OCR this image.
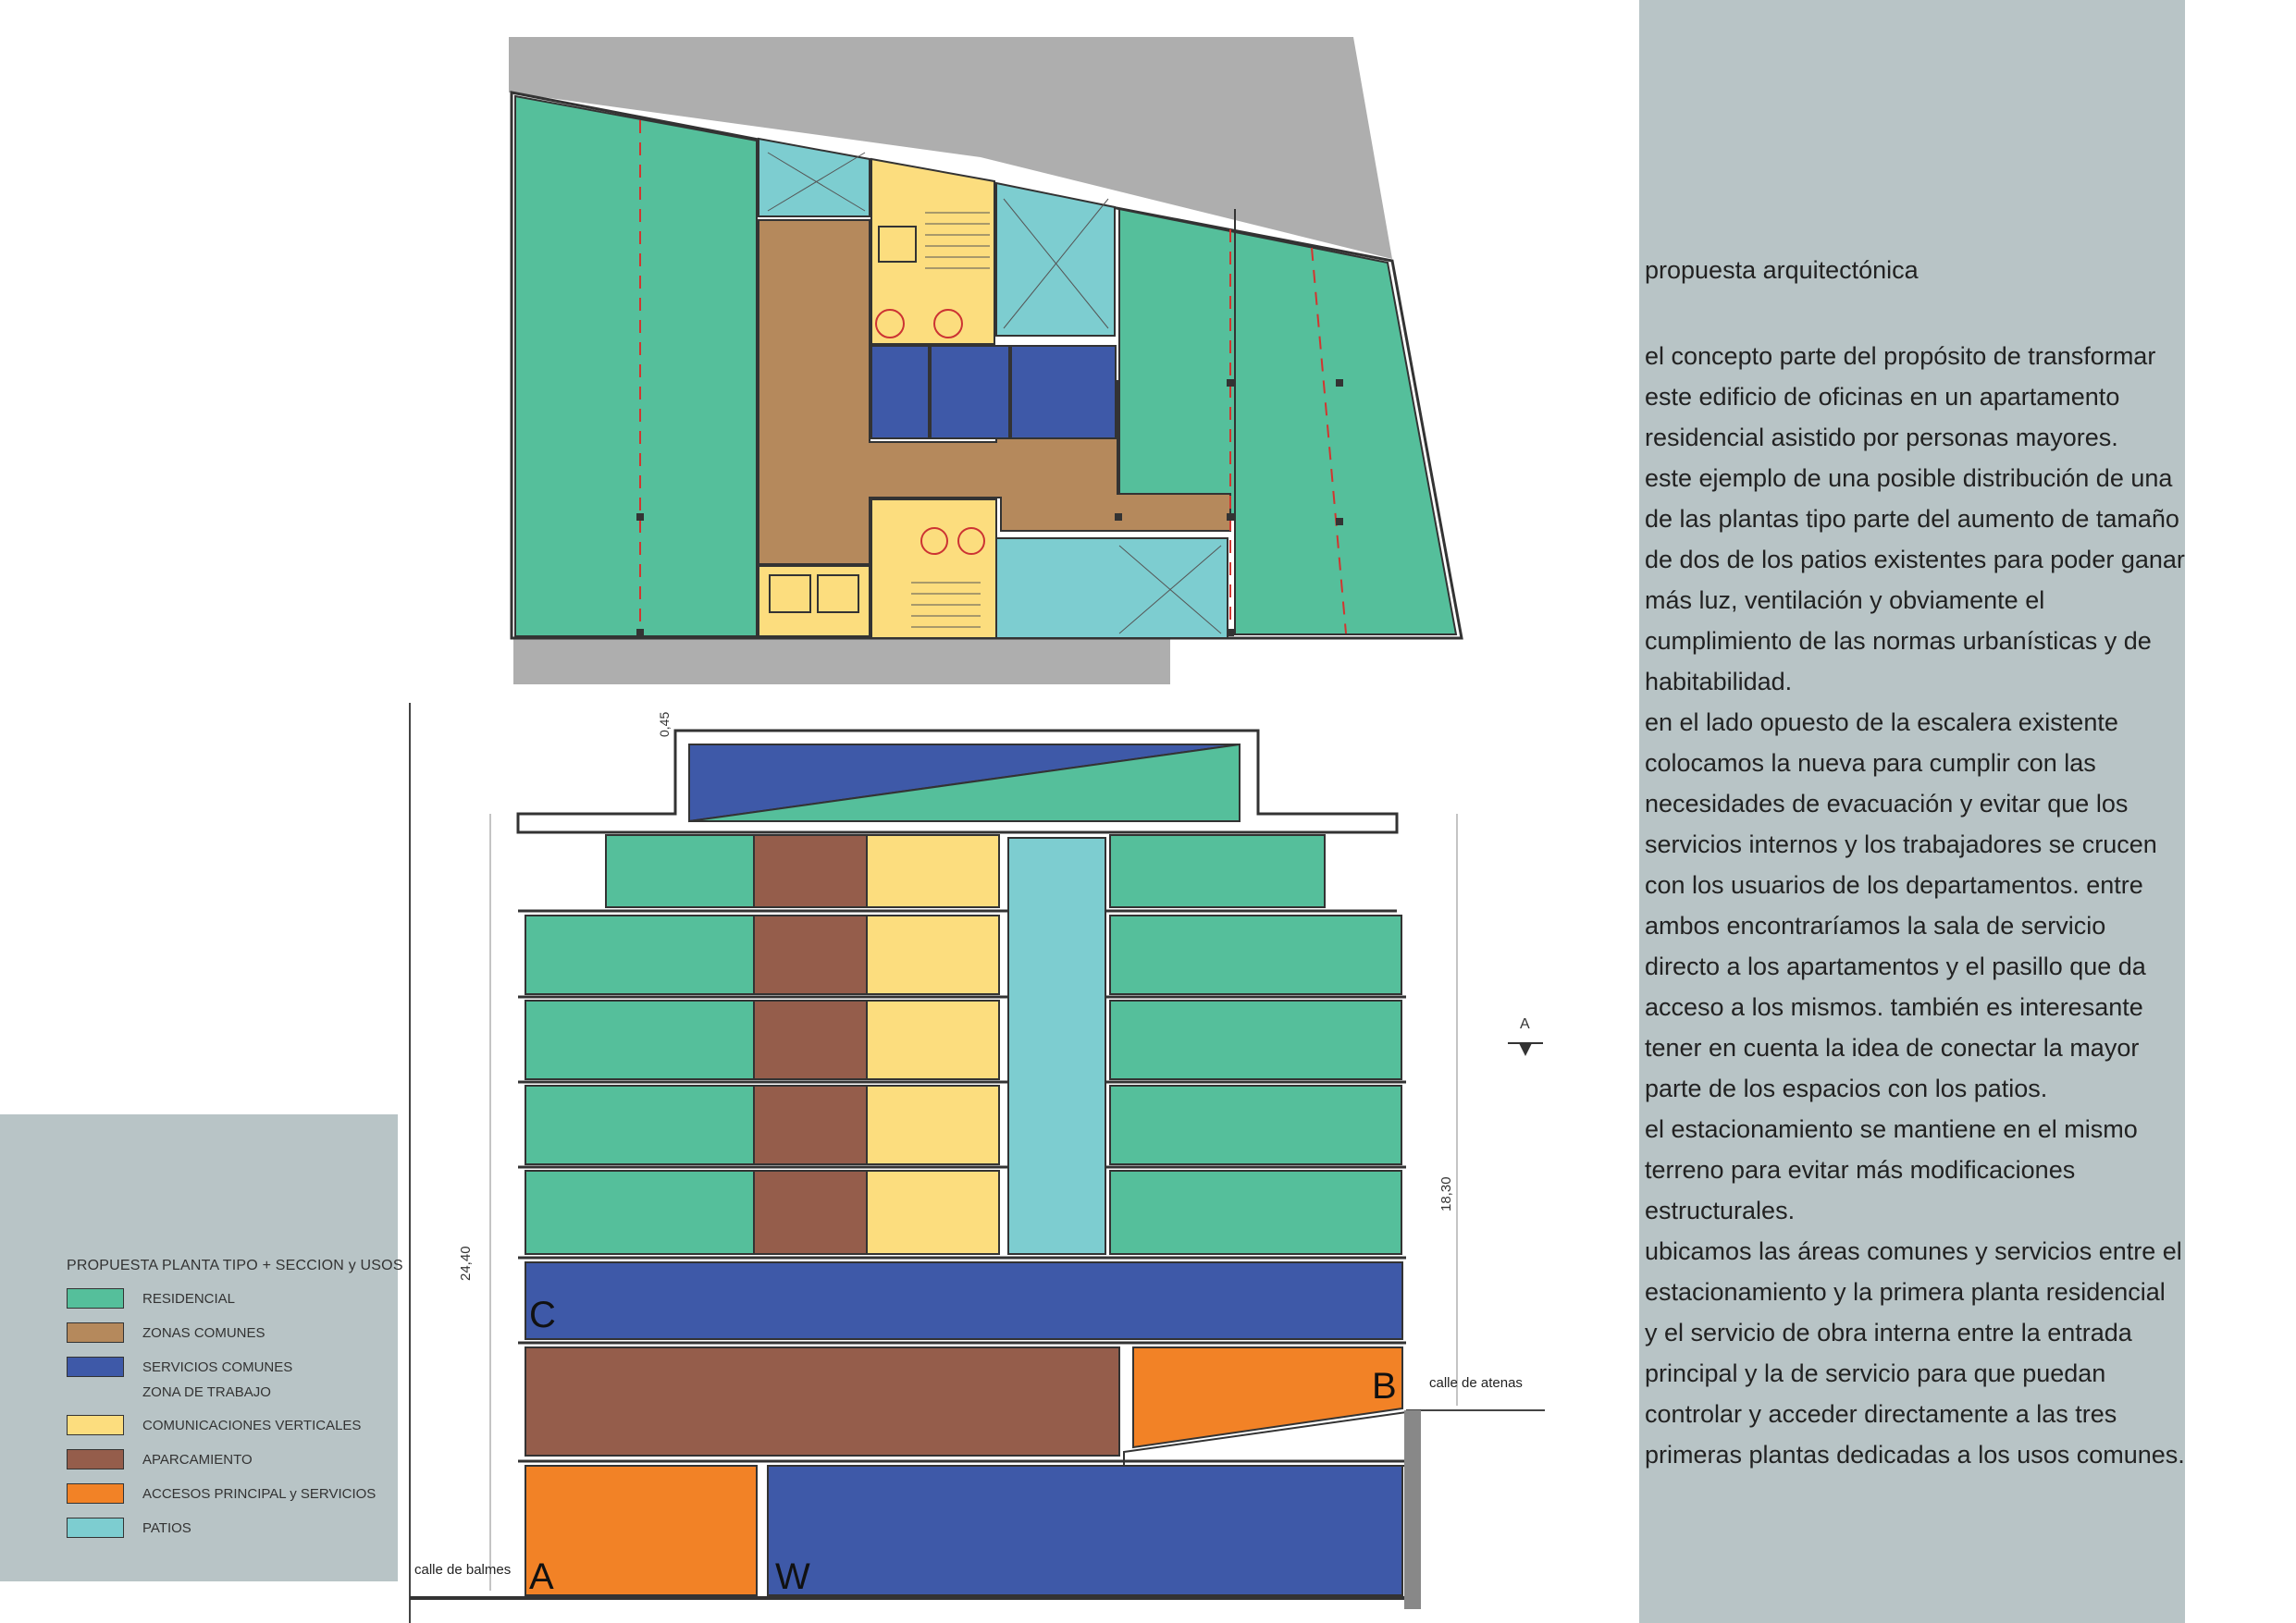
C
B
A	W
calle de atenas
calle de balmes
24,40
18,30
0,45
A
PROPUESTA PLANTA TIPO + SECCION y USOS
RESIDENCIAL
ZONAS COMUNES
SERVICIOS COMUNES
ZONA DE TRABAJO
COMUNICACIONES VERTICALES
APARCAMIENTO
ACCESOS PRINCIPAL y SERVICIOS
PATIOS
propuesta arquitectónica
el concepto parte del propósito de transformar
este edificio de oficinas en un apartamento
residencial asistido por personas mayores.
este ejemplo de una posible distribución de una
de las plantas tipo parte del aumento de tamaño
de dos de los patios existentes para poder ganar
más luz, ventilación y obviamente el
cumplimiento de las normas urbanísticas y de
habitabilidad.
en el lado opuesto de la escalera existente
colocamos la nueva para cumplir con las
necesidades de evacuación y evitar que los
servicios internos y los trabajadores se crucen
con los usuarios de los departamentos. entre
ambos encontraríamos la sala de servicio
directo a los apartamentos y el pasillo que da
acceso a los mismos. también es interesante
tener en cuenta la idea de conectar la mayor
parte de los espacios con los patios.
el estacionamiento se mantiene en el mismo
terreno para evitar más modificaciones
estructurales.
ubicamos las áreas comunes y servicios entre el
estacionamiento y la primera planta residencial
y el servicio de obra interna entre la entrada
principal y la de servicio para que puedan
controlar y acceder directamente a las tres
primeras plantas dedicadas a los usos comunes.
